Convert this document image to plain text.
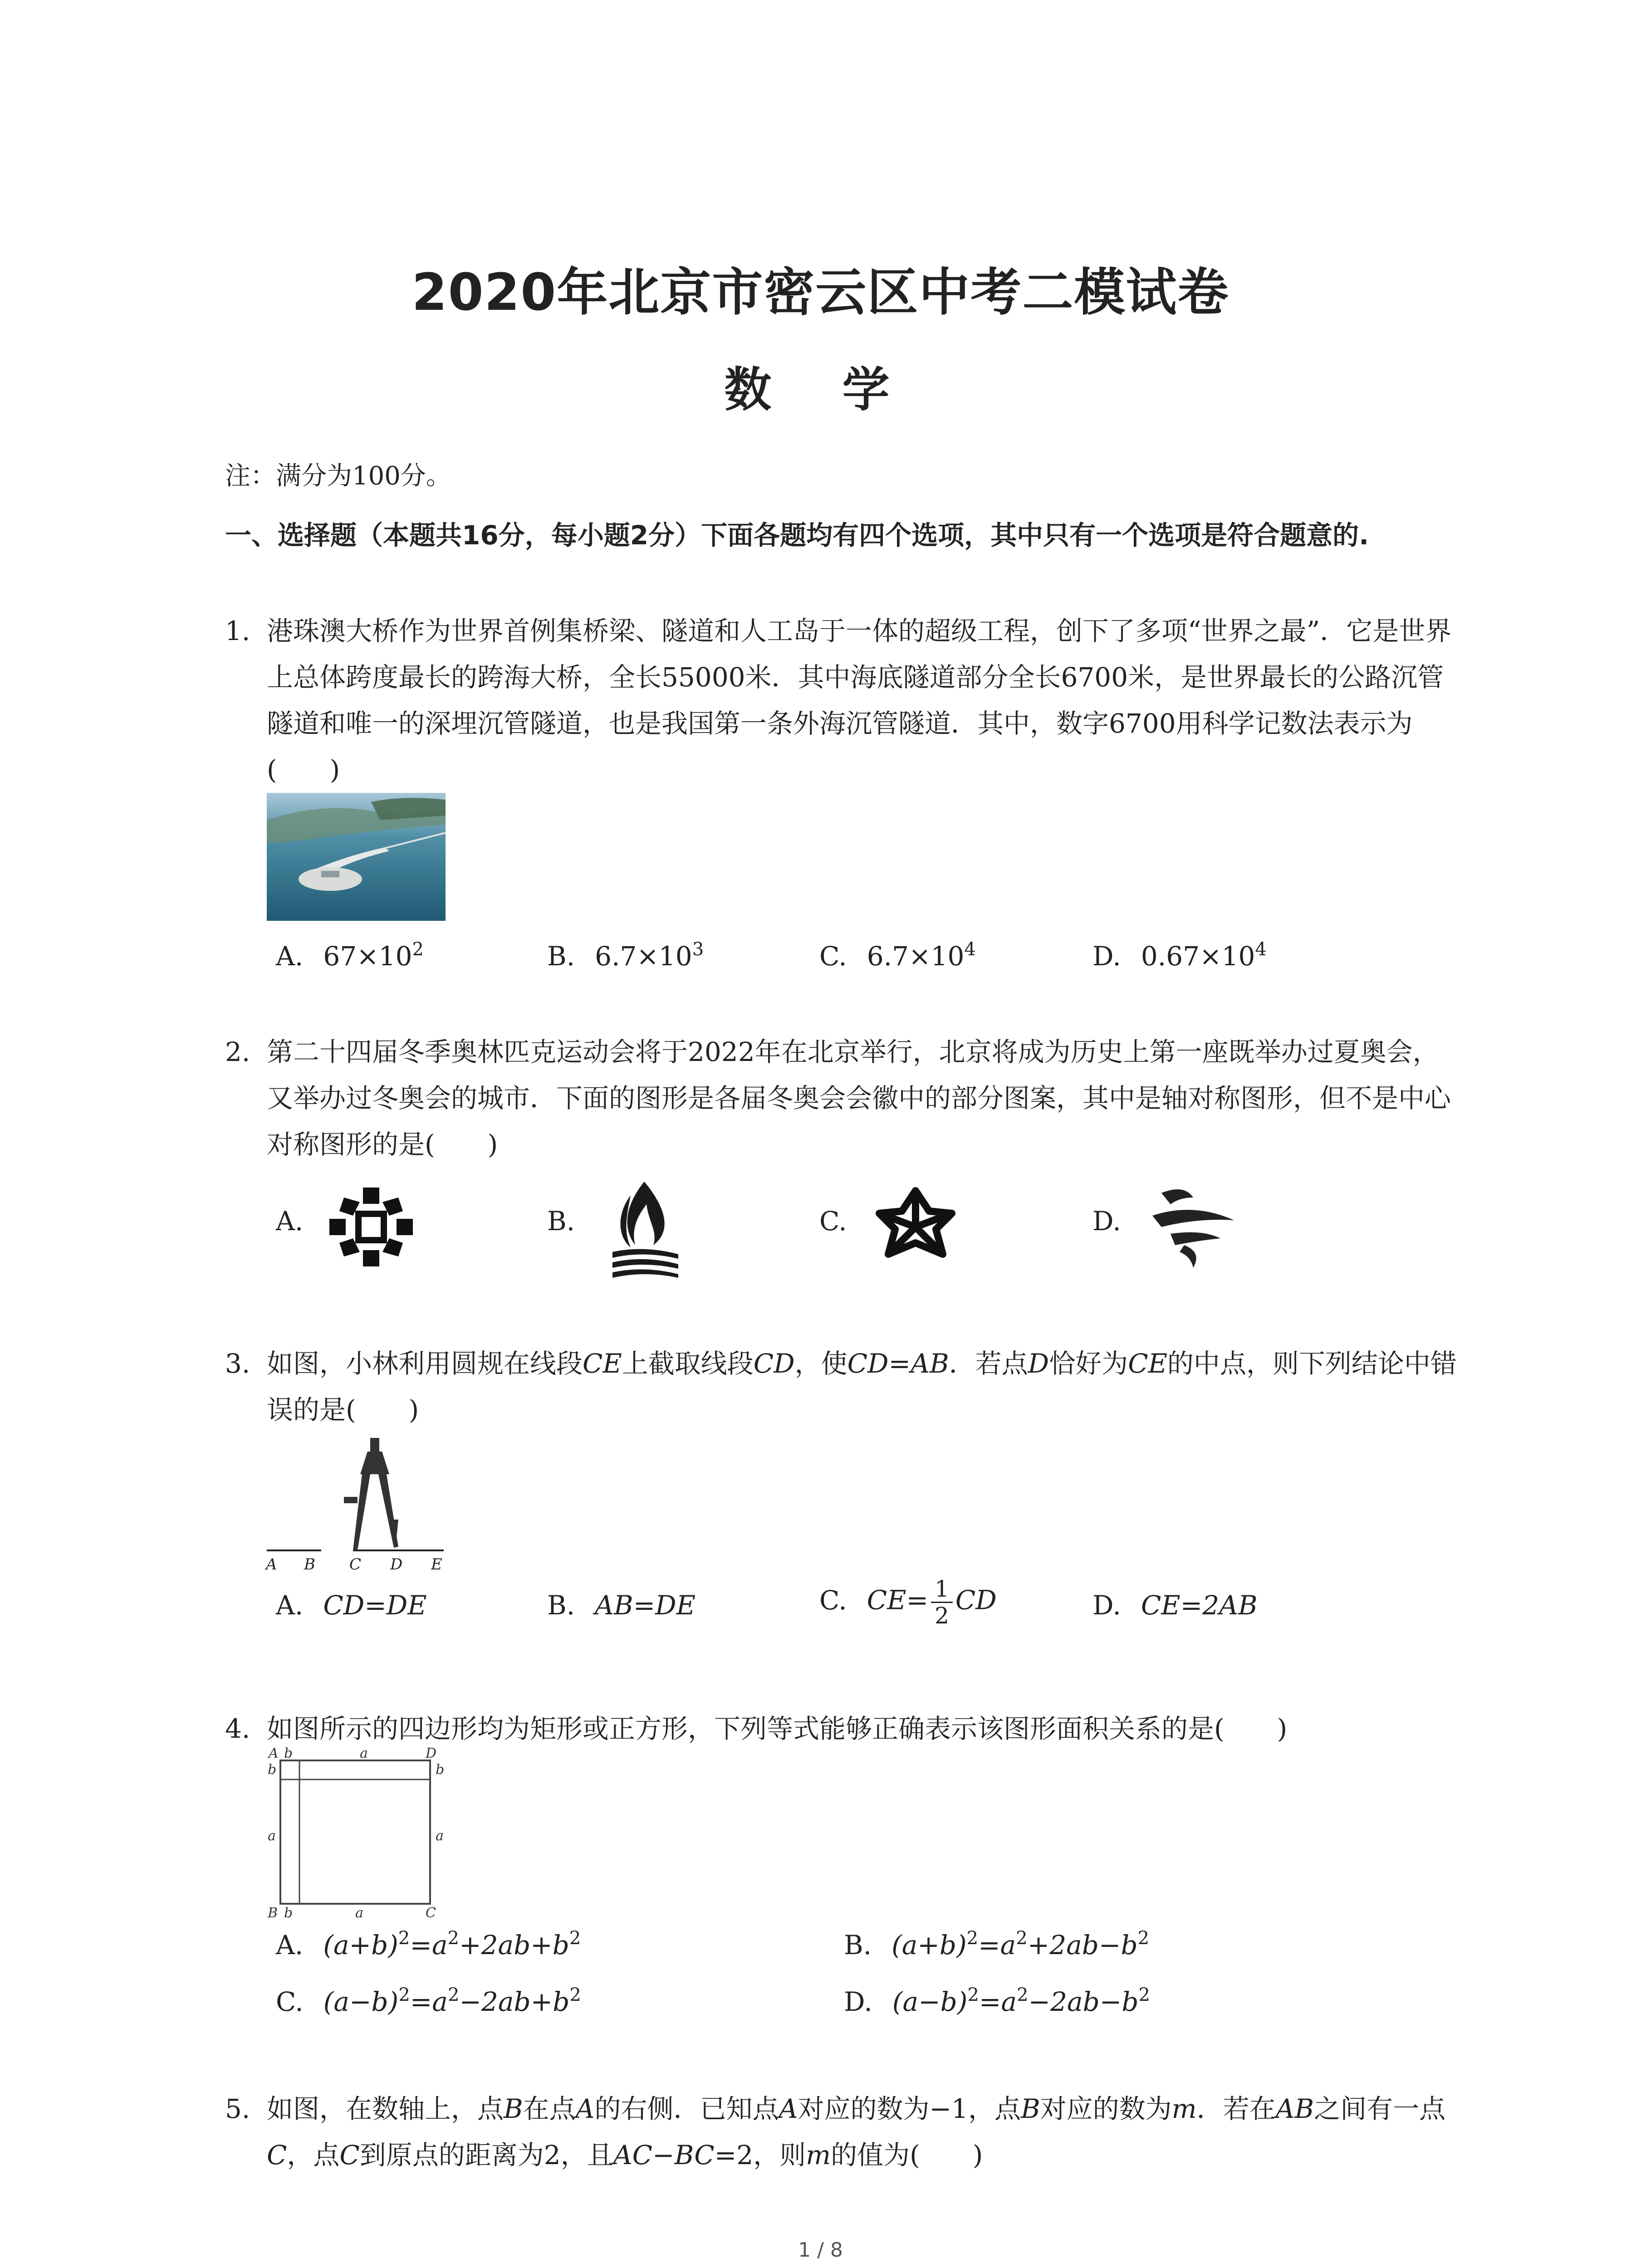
2020年北京市密云区中考二模试卷
数 学
注：满分为100分。
一、选择题（本题共16分，每小题2分）下面各题均有四个选项，其中只有一个选项是符合题意的.
1. 港珠澳大桥作为世界首例集桥梁、隧道和人工岛于一体的超级工程，创下了多项“世界之最”．它是世界上总体跨度最长的跨海大桥，全长55000米．其中海底隧道部分全长6700米，是世界最长的公路沉管隧道和唯一的深埋沉管隧道，也是我国第一条外海沉管隧道．其中，数字6700用科学记数法表示为(　　)
A. $67\times 10^2$	B. $6.7\times 10^3$	C. $6.7\times 10^4$	D. $0.67\times 10^4$
2. 第二十四届冬季奥林匹克运动会将于2022年在北京举行，北京将成为历史上第一座既举办过夏奥会，又举办过冬奥会的城市．下面的图形是各届冬奥会会徽中的部分图案，其中是轴对称图形，但不是中心对称图形的是(　　)
A.	B.	C.	D.
3. 如图，小林利用圆规在线段CE上截取线段CD，使CD=AB．若点D恰好为CE的中点，则下列结论中错误的是(　　)
A B C D E
A. CD=DE	B. AB=DE	C. $CE= \frac{1}{2}$ CD	D. CE=2AB
4. 如图所示的四边形均为矩形或正方形，下列等式能够正确表示该图形面积关系的是(　　)
A b	a	D
b
a
b
a
B b	a	C
A. $(a+b)^2=a^2+2ab+b^2$	B. $(a+b)^2=a^2+2ab-b^2$
C. $(a-b)^2=a^2-2ab+b^2$	D. $(a-b)^2=a^2-2ab-b^2$
5. 如图，在数轴上，点B在点A的右侧．已知点A对应的数为−1，点B对应的数为m．若在AB之间有一点C，点C到原点的距离为2，且AC−BC=2，则m的值为(　　)
1 / 8
